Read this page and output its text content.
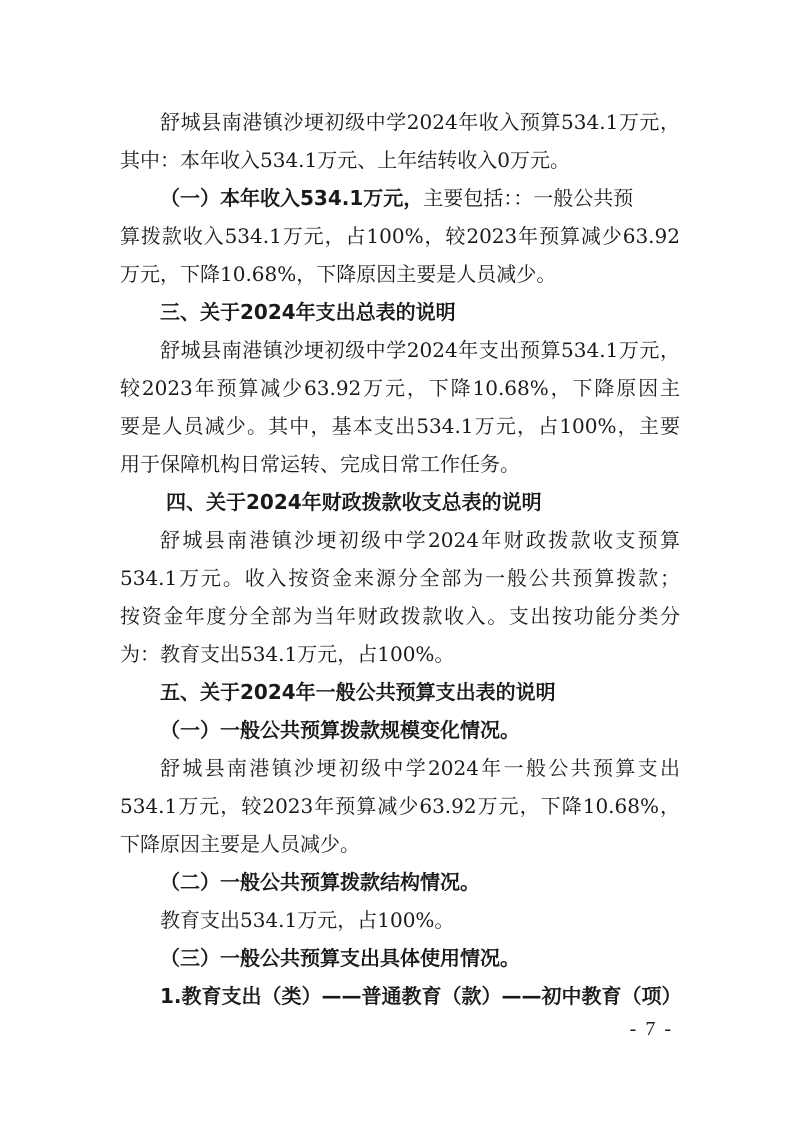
舒城县南港镇沙埂初级中学2024年收入预算534.1万元，
其中：本年收入534.1万元、上年结转收入0万元。
（一）本年收入534.1万元，主要包括：：一般公共预
算拨款收入534.1万元，占100%，较2023年预算减少63.92
万元，下降10.68%，下降原因主要是人员减少。
三、关于2024年支出总表的说明
舒城县南港镇沙埂初级中学2024年支出预算534.1万元，
较2023年预算减少63.92万元，下降10.68%，下降原因主
要是人员减少。其中，基本支出534.1万元，占100%，主要
用于保障机构日常运转、完成日常工作任务。
四、关于2024年财政拨款收支总表的说明
舒城县南港镇沙埂初级中学2024年财政拨款收支预算
534.1万元。收入按资金来源分全部为一般公共预算拨款；
按资金年度分全部为当年财政拨款收入。支出按功能分类分
为：教育支出534.1万元，占100%。
五、关于2024年一般公共预算支出表的说明
（一）一般公共预算拨款规模变化情况。
舒城县南港镇沙埂初级中学2024年一般公共预算支出
534.1万元，较2023年预算减少63.92万元，下降10.68%，
下降原因主要是人员减少。
（二）一般公共预算拨款结构情况。
教育支出534.1万元，占100%。
（三）一般公共预算支出具体使用情况。
1.教育支出（类）——普通教育（款）——初中教育（项）
- 7 -
